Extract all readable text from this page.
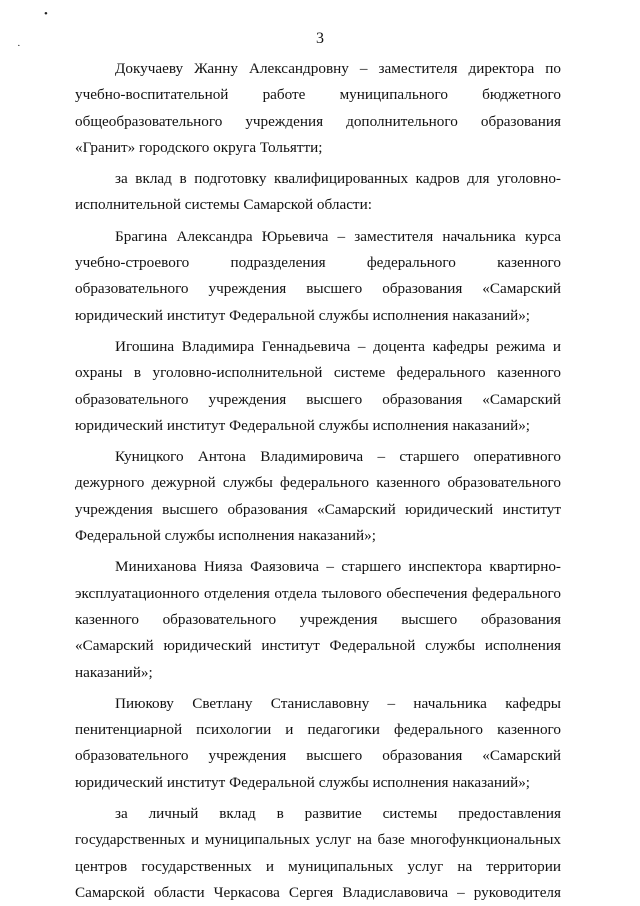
•
·	3

Докучаеву Жанну Александровну – заместителя директора по учебно-воспитательной работе муниципального бюджетного общеобразовательного учреждения дополнительного образования «Гранит» городского округа Тольятти;

за вклад в подготовку квалифицированных кадров для уголовно-исполнительной системы Самарской области:

Брагина Александра Юрьевича – заместителя начальника курса учебно-строевого подразделения федерального казенного образовательного учреждения высшего образования «Самарский юридический институт Федеральной службы исполнения наказаний»;

Игошина Владимира Геннадьевича – доцента кафедры режима и охраны в уголовно-исполнительной системе федерального казенного образовательного учреждения высшего образования «Самарский юридический институт Федеральной службы исполнения наказаний»;

Куницкого Антона Владимировича – старшего оперативного дежурного дежурной службы федерального казенного образовательного учреждения высшего образования «Самарский юридический институт Федеральной службы исполнения наказаний»;

Миниханова Нияза Фаязовича – старшего инспектора квартирно-эксплуатационного отделения отдела тылового обеспечения федерального казенного образовательного учреждения высшего образования «Самарский юридический институт Федеральной службы исполнения наказаний»;

Пиюкову Светлану Станиславовну – начальника кафедры пенитенциарной психологии и педагогики федерального казенного образовательного учреждения высшего образования «Самарский юридический институт Федеральной службы исполнения наказаний»;

за личный вклад в развитие системы предоставления государственных и муниципальных услуг на базе многофункциональных центров государственных и муниципальных услуг на территории Самарской области Черкасова Сергея Владиславовича – руководителя
